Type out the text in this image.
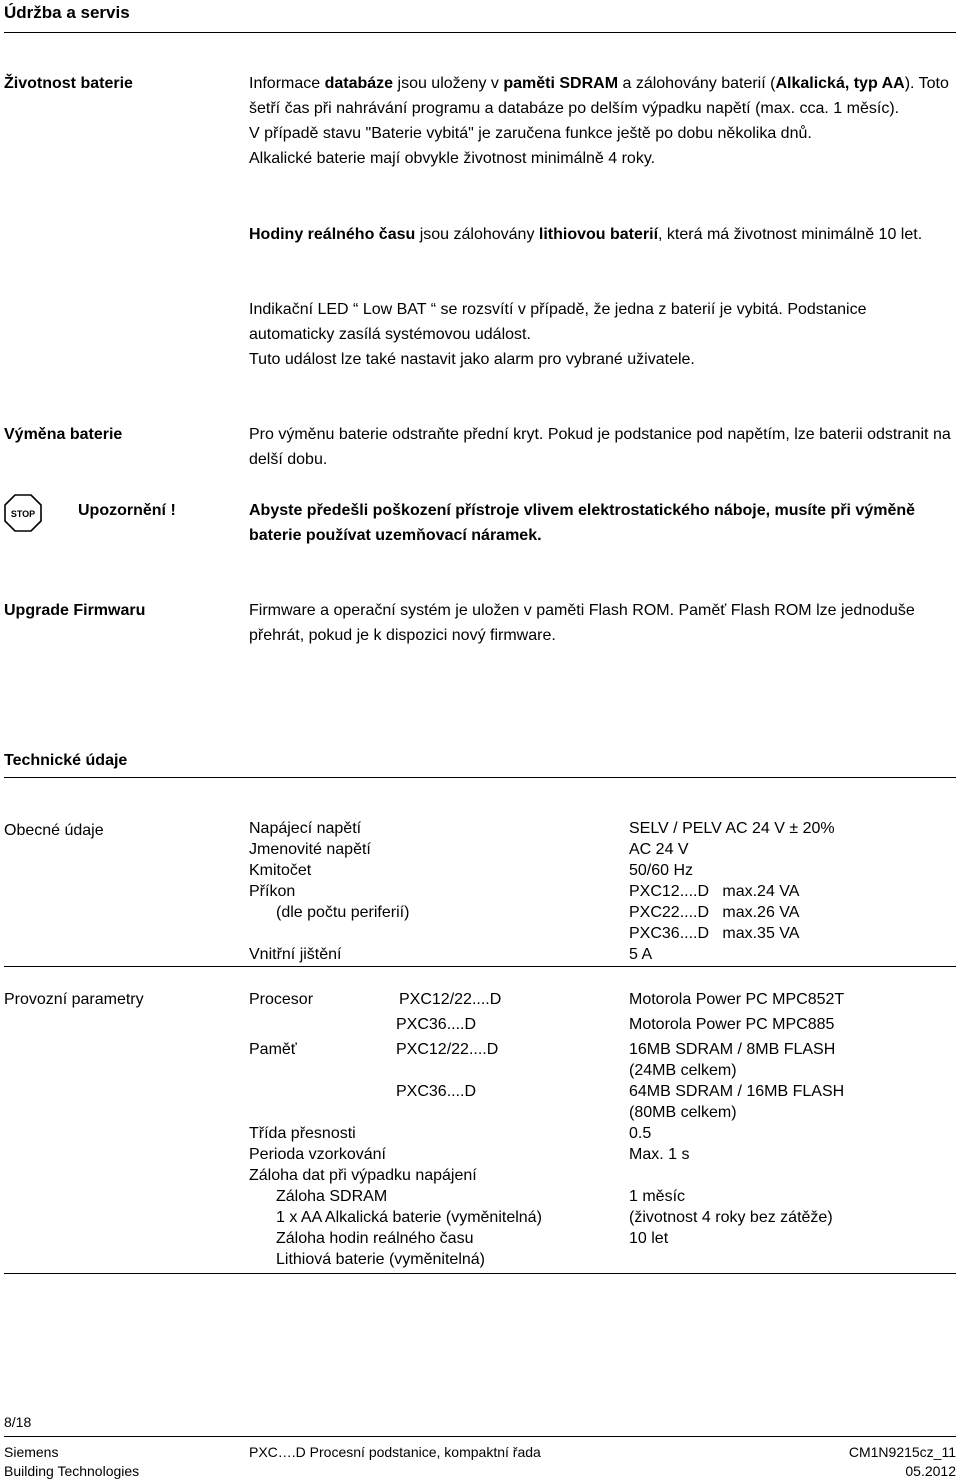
Údržba a servis
Životnost baterie	Informace databáze jsou uloženy v paměti SDRAM a zálohovány baterií (Alkalická, typ AA). Toto šetří čas při nahrávání programu a databáze po delším výpadku napětí (max. cca. 1 měsíc).

V případě stavu "Baterie vybitá" je zaručena funkce ještě po dobu několika dnů.

Alkalické baterie mají obvykle životnost minimálně 4 roky.

Hodiny reálného času jsou zálohovány lithiovou baterií, která má životnost minimálně 10 let.

Indikační LED “ Low BAT “ se rozsvítí v případě, že jedna z baterií je vybitá. Podstanice automaticky zasílá systémovou událost.

Tuto událost lze také nastavit jako alarm pro vybrané uživatele.

Výměna baterie	Pro výměnu baterie odstraňte přední kryt. Pokud je podstanice pod napětím, lze baterii odstranit na delší dobu.

STOP	Upozornění !	Abyste předešli poškození přístroje vlivem elektrostatického náboje, musíte při výměně baterie používat uzemňovací náramek.

Upgrade Firmwaru	Firmware a operační systém je uložen v paměti Flash ROM. Paměť Flash ROM lze jednoduše přehrát, pokud je k dispozici nový firmware.

Technické údaje
Obecné údaje	Napájecí napětí	SELV / PELV AC 24 V ± 20%
Jmenovité napětí	AC 24 V
Kmitočet	50/60 Hz
Příkon	PXC12....D   max.24 VA
(dle počtu periferií)	PXC22....D   max.26 VA
PXC36....D   max.35 VA
Vnitřní jištění	5 A
Provozní parametry	Procesor	PXC12/22....D	Motorola Power PC MPC852T
PXC36....D	Motorola Power PC MPC885
Paměť	PXC12/22....D	16MB SDRAM / 8MB FLASH
(24MB celkem)
PXC36....D	64MB SDRAM / 16MB FLASH
(80MB celkem)
Třída přesnosti	0.5
Perioda vzorkování	Max. 1 s
Záloha dat při výpadku napájení
Záloha SDRAM	1 měsíc
1 x AA Alkalická baterie (vyměnitelná)	(životnost 4 roky bez zátěže)
Záloha hodin reálného času	10 let
Lithiová baterie (vyměnitelná)
8/18
Siemens
Building Technologies
PXC….D Procesní podstanice, kompaktní řada	CM1N9215cz_11
05.2012
